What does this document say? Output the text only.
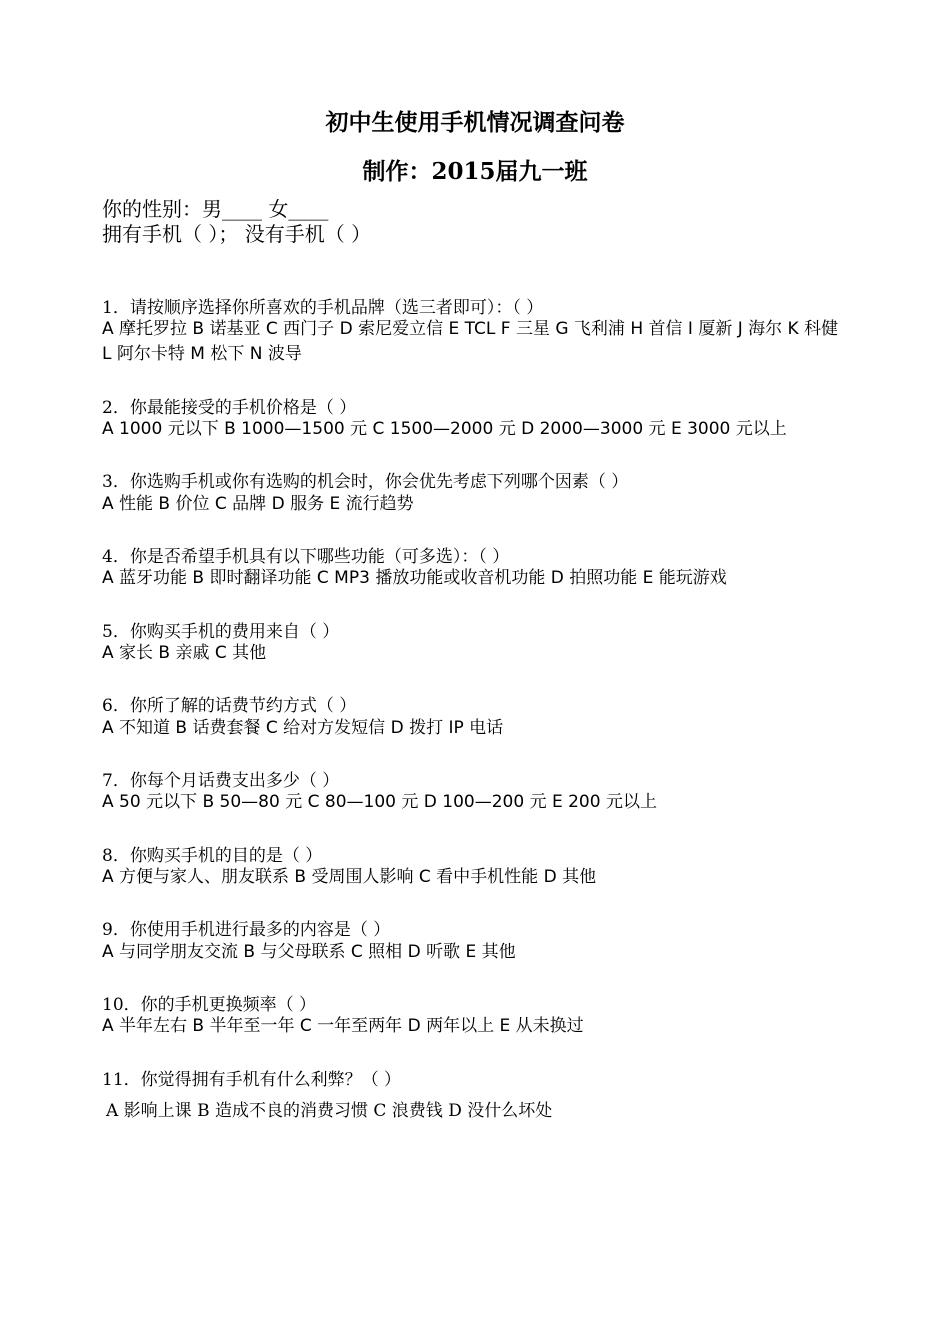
初中生使用手机情况调查问卷
制作：2015届九一班
你的性别：男____ 女____
拥有手机（ ）； 没有手机（ ）
1．请按顺序选择你所喜欢的手机品牌（选三者即可）：（ ）
A 摩托罗拉 B 诺基亚 C 西门子 D 索尼爱立信 E TCL F 三星 G 飞利浦 H 首信 I 厦新 J 海尔 K 科健 L 阿尔卡特 M 松下 N 波导
2．你最能接受的手机价格是（ ）
A 1000 元以下 B 1000—1500 元 C 1500—2000 元 D 2000—3000 元 E 3000 元以上
3．你选购手机或你有选购的机会时，你会优先考虑下列哪个因素（ ）
A 性能 B 价位 C 品牌 D 服务 E 流行趋势
4．你是否希望手机具有以下哪些功能（可多选）：（ ）
A 蓝牙功能 B 即时翻译功能 C MP3 播放功能或收音机功能 D 拍照功能 E 能玩游戏
5．你购买手机的费用来自（ ）
A 家长 B 亲戚 C 其他
6．你所了解的话费节约方式（ ）
A 不知道 B 话费套餐 C 给对方发短信 D 拨打 IP 电话
7．你每个月话费支出多少（ ）
A 50 元以下 B 50—80 元 C 80—100 元 D 100—200 元 E 200 元以上
8．你购买手机的目的是（ ）
A 方便与家人、朋友联系 B 受周围人影响 C 看中手机性能 D 其他
9．你使用手机进行最多的内容是（ ）
A 与同学朋友交流 B 与父母联系 C 照相 D 听歌 E 其他
10．你的手机更换频率（ ）
A 半年左右 B 半年至一年 C 一年至两年 D 两年以上 E 从未换过
11．你觉得拥有手机有什么利弊？（ ）
A 影响上课 B 造成不良的消费习惯 C 浪费钱 D 没什么坏处
